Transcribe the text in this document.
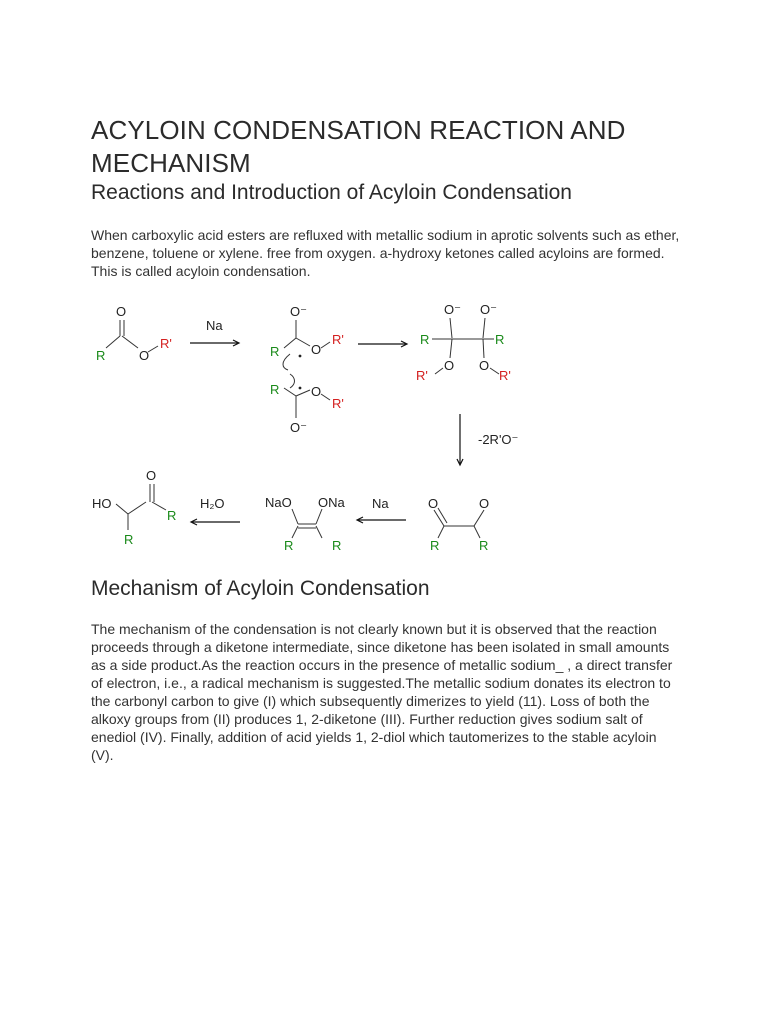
ACYLOIN CONDENSATION REACTION AND MECHANISM
Reactions and Introduction of Acyloin Condensation

When carboxylic acid esters are refluxed with metallic sodium in aprotic solvents such as ether, benzene, toluene or xylene. free from oxygen. a-hydroxy ketones called acyloins are formed. This is called acyloin condensation.

O
R	O
R'
Na
O⁻
R O
R'
R O
R'
O⁻
O⁻ O⁻
R	R
O O
R'	R'
-2R'O⁻
O	O
R	R
Na
NaO ONa
R	R
H₂O
HO
O
R
R
Mechanism of Acyloin Condensation

The mechanism of the condensation is not clearly known but it is observed that the reaction proceeds through a diketone intermediate, since diketone has been isolated in small amounts as a side product.As the reaction occurs in the presence of metallic sodium_ , a direct transfer of electron, i.e., a radical mechanism is suggested.The metallic sodium donates its electron to the carbonyl carbon to give (I) which subsequently dimerizes to yield (11). Loss of both the alkoxy groups from (II) produces 1, 2-diketone (III). Further reduction gives sodium salt of enediol (IV). Finally, addition of acid yields 1, 2-diol which tautomerizes to the stable acyloin (V).
